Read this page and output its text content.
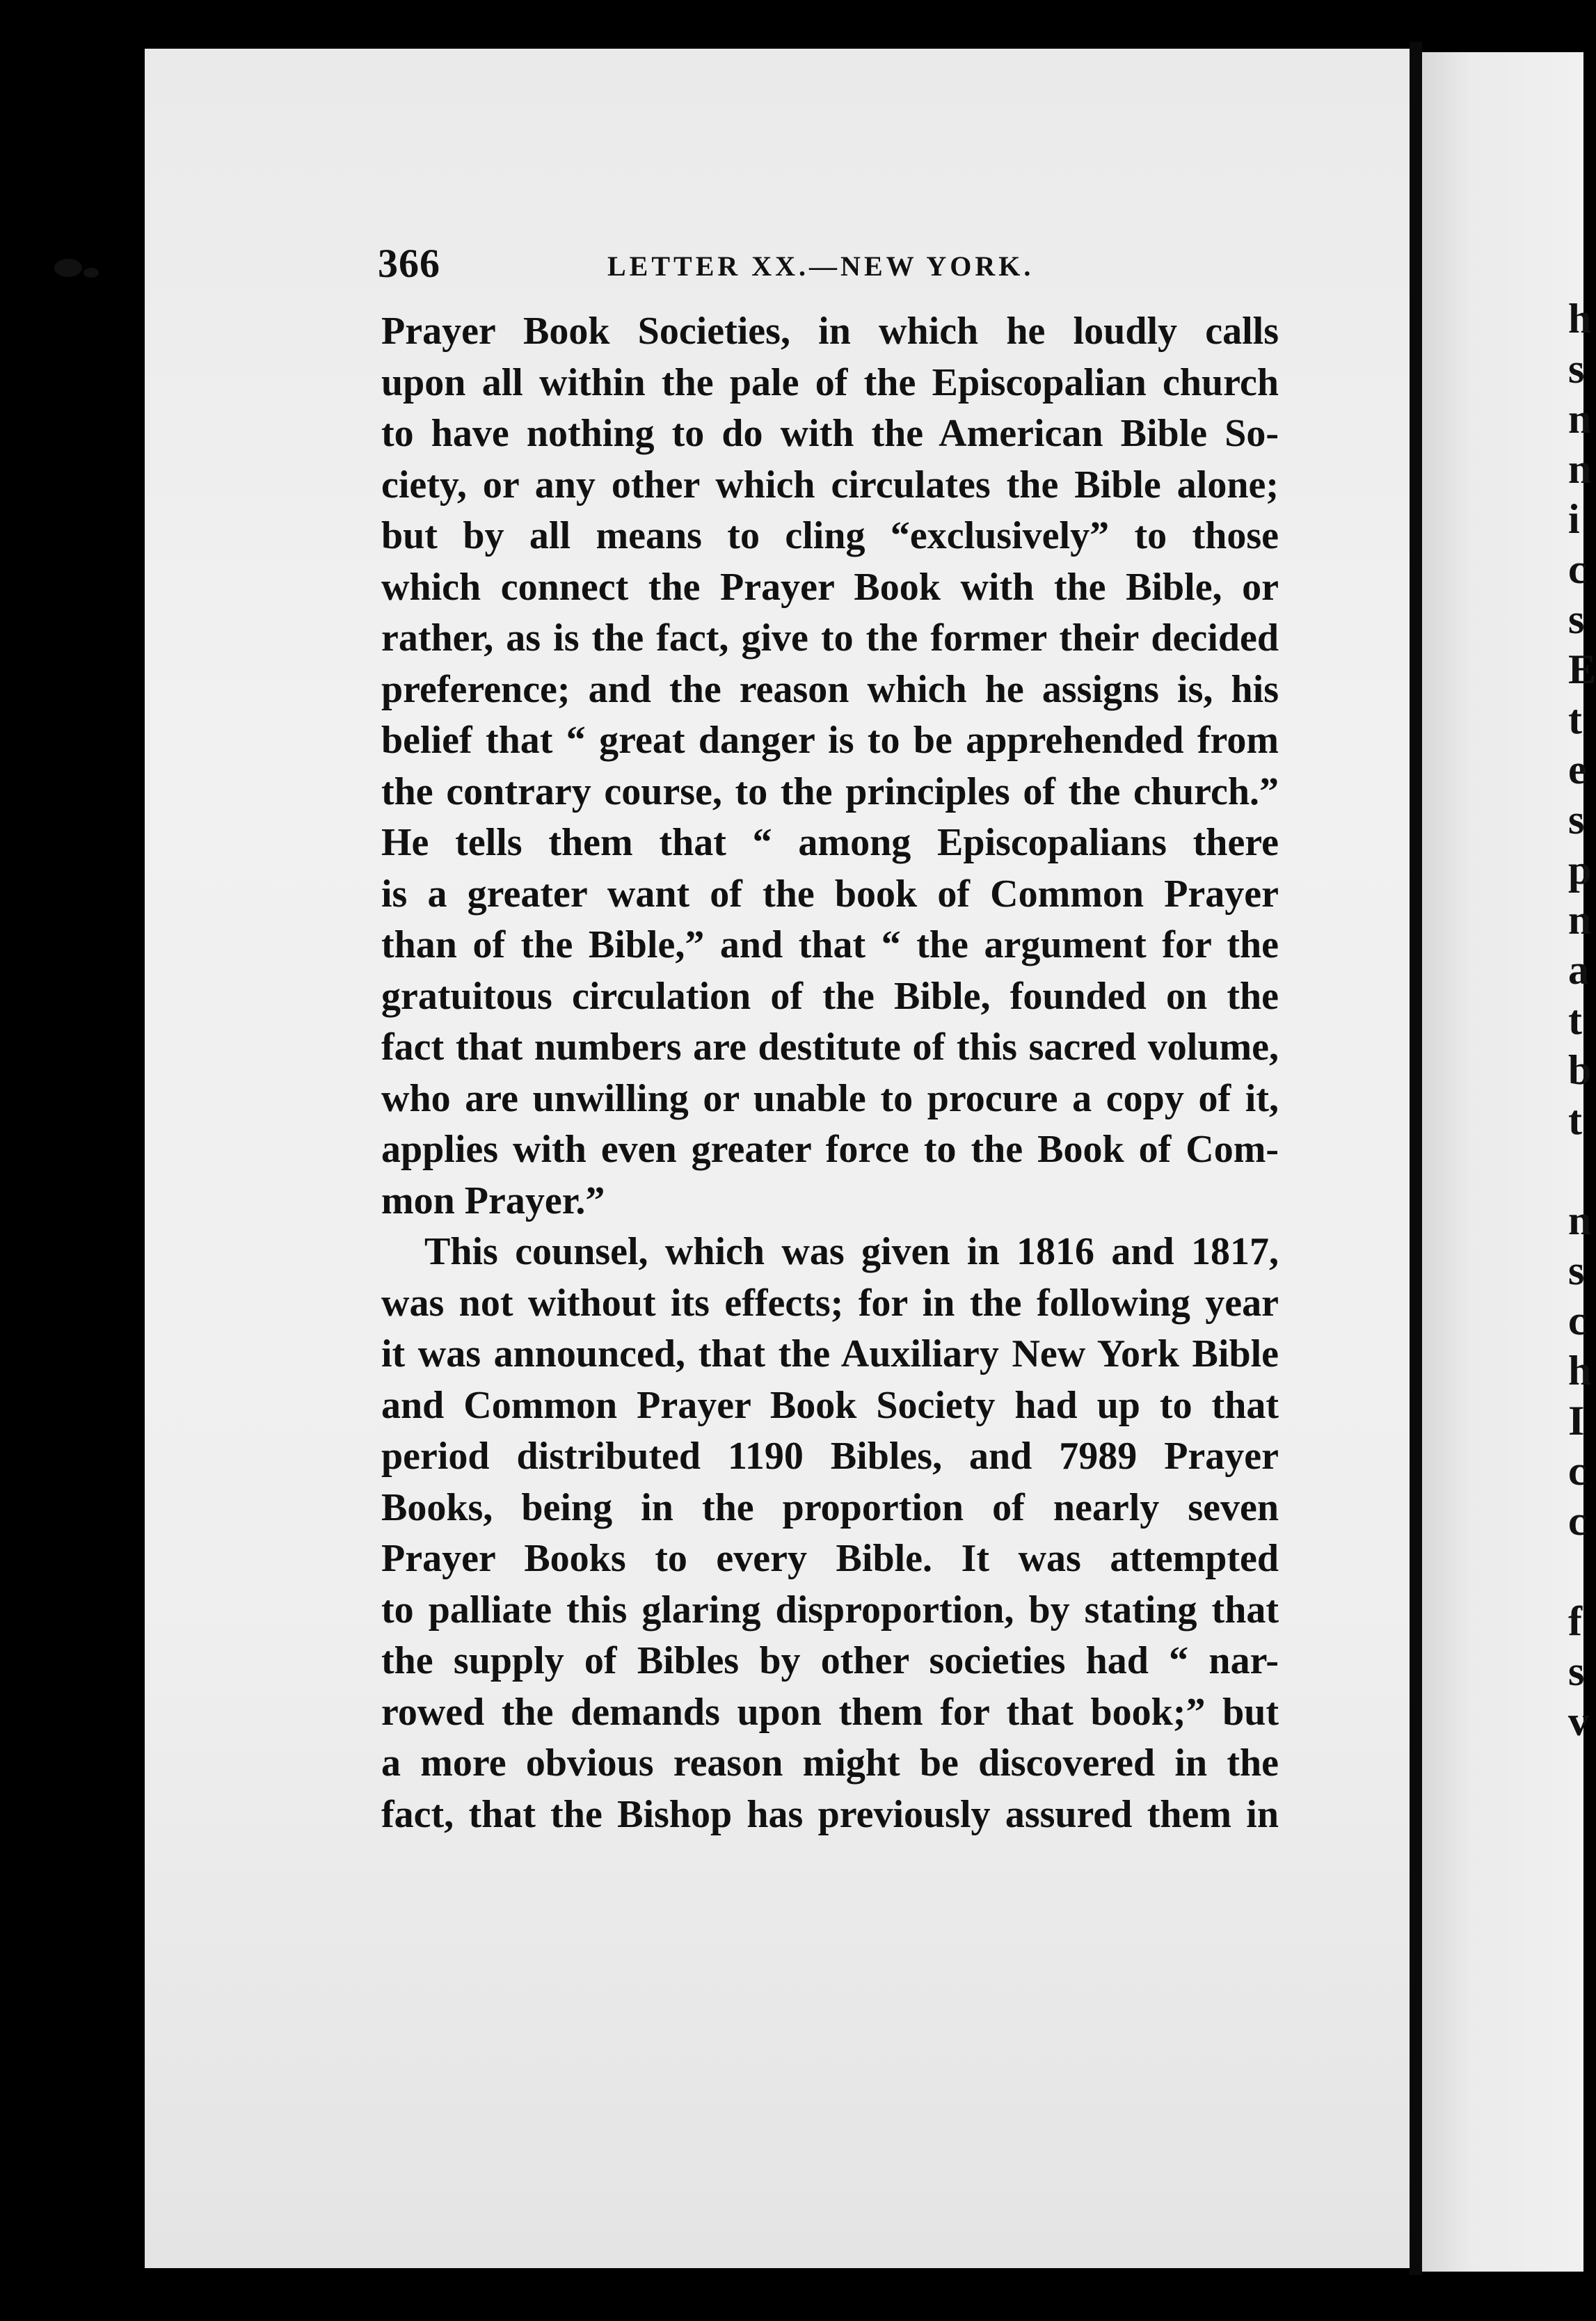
h
s
n
n
i
c
s
E
t
e
s
p
n
a
t
b
t
n
s
c
h
I
c
c
f
s
v
366	LETTER XX.—NEW YORK.
Prayer Book Societies, in which he loudly calls
upon all within the pale of the Episcopalian church
to have nothing to do with the American Bible So-
ciety, or any other which circulates the Bible alone;
but by all means to cling “exclusively” to those
which connect the Prayer Book with the Bible, or
rather, as is the fact, give to the former their decided
preference; and the reason which he assigns is, his
belief that “ great danger is to be apprehended from
the contrary course, to the principles of the church.”
He tells them that “ among Episcopalians there
is a greater want of the book of Common Prayer
than of the Bible,” and that “ the argument for the
gratuitous circulation of the Bible, founded on the
fact that numbers are destitute of this sacred volume,
who are unwilling or unable to procure a copy of it,
applies with even greater force to the Book of Com-
mon Prayer.”
This counsel, which was given in 1816 and 1817,
was not without its effects; for in the following year
it was announced, that the Auxiliary New York Bible
and Common Prayer Book Society had up to that
period distributed 1190 Bibles, and 7989 Prayer
Books, being in the proportion of nearly seven
Prayer Books to every Bible. It was attempted
to palliate this glaring disproportion, by stating that
the supply of Bibles by other societies had “ nar-
rowed the demands upon them for that book;” but
a more obvious reason might be discovered in the
fact, that the Bishop has previously assured them in
